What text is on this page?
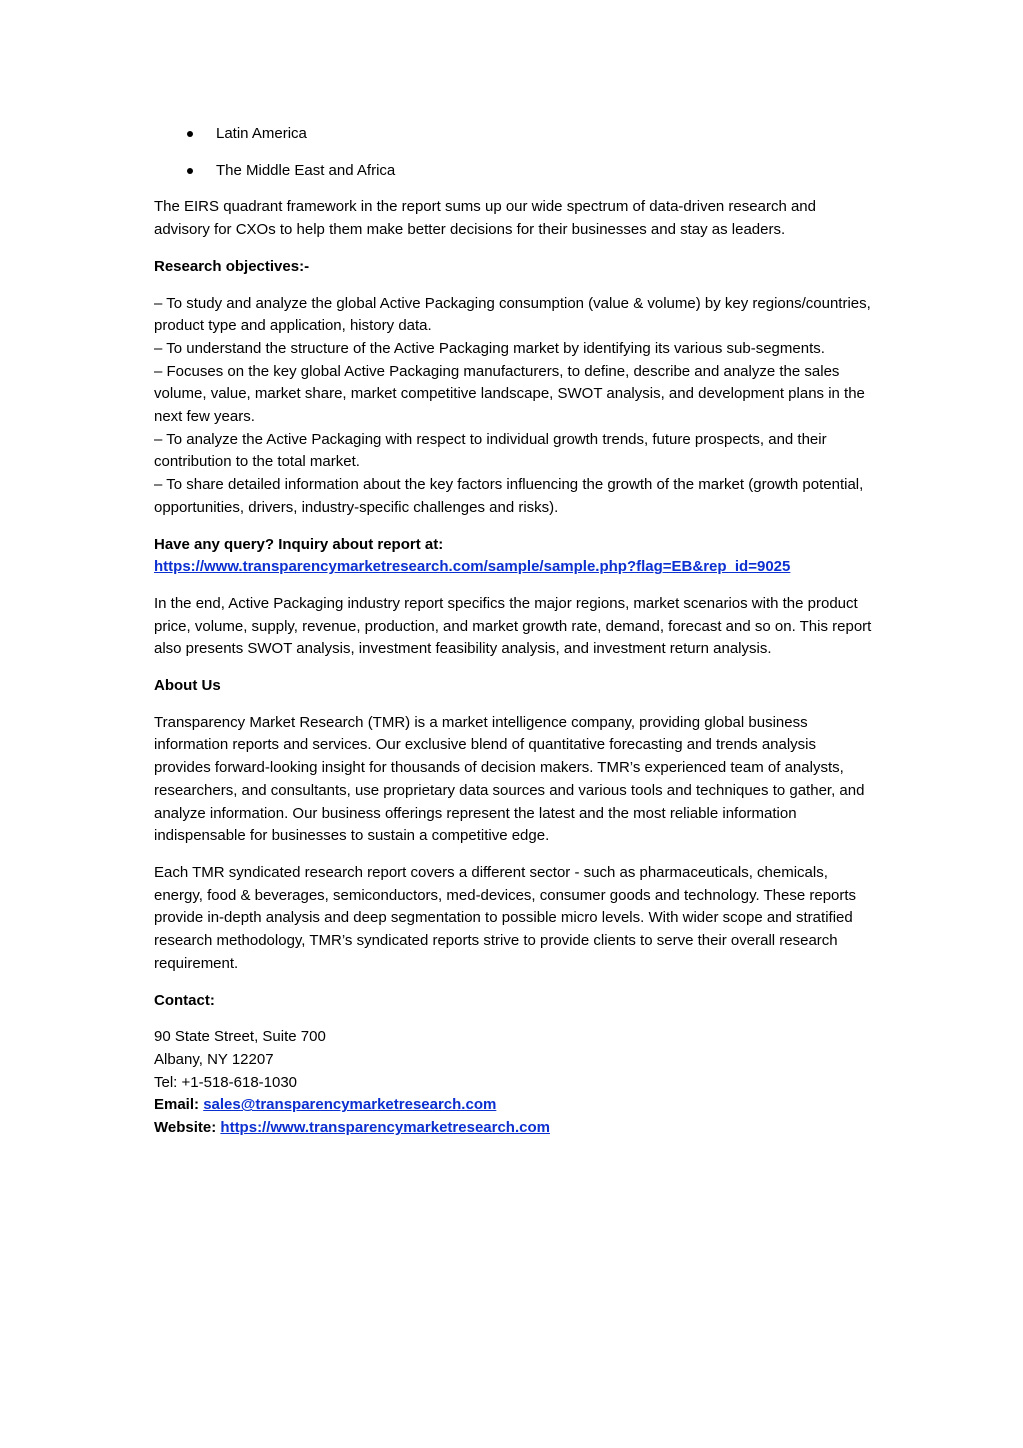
Latin America
The Middle East and Africa

The EIRS quadrant framework in the report sums up our wide spectrum of data-driven research and advisory for CXOs to help them make better decisions for their businesses and stay as leaders.

Research objectives:-

– To study and analyze the global Active Packaging consumption (value & volume) by key regions/countries, product type and application, history data.
– To understand the structure of the Active Packaging market by identifying its various sub-segments.
– Focuses on the key global Active Packaging manufacturers, to define, describe and analyze the sales volume, value, market share, market competitive landscape, SWOT analysis, and development plans in the next few years.
– To analyze the Active Packaging with respect to individual growth trends, future prospects, and their contribution to the total market.
– To share detailed information about the key factors influencing the growth of the market (growth potential, opportunities, drivers, industry-specific challenges and risks).

Have any query? Inquiry about report at:
https://www.transparencymarketresearch.com/sample/sample.php?flag=EB&rep_id=9025

In the end, Active Packaging industry report specifics the major regions, market scenarios with the product price, volume, supply, revenue, production, and market growth rate, demand, forecast and so on. This report also presents SWOT analysis, investment feasibility analysis, and investment return analysis.

About Us

Transparency Market Research (TMR) is a market intelligence company, providing global business information reports and services. Our exclusive blend of quantitative forecasting and trends analysis provides forward-looking insight for thousands of decision makers. TMR’s experienced team of analysts, researchers, and consultants, use proprietary data sources and various tools and techniques to gather, and analyze information. Our business offerings represent the latest and the most reliable information indispensable for businesses to sustain a competitive edge.

Each TMR syndicated research report covers a different sector - such as pharmaceuticals, chemicals, energy, food & beverages, semiconductors, med-devices, consumer goods and technology. These reports provide in-depth analysis and deep segmentation to possible micro levels. With wider scope and stratified research methodology, TMR’s syndicated reports strive to provide clients to serve their overall research requirement.

Contact:
90 State Street, Suite 700
Albany, NY 12207
Tel: +1-518-618-1030
Email: sales@transparencymarketresearch.com
Website: https://www.transparencymarketresearch.com
